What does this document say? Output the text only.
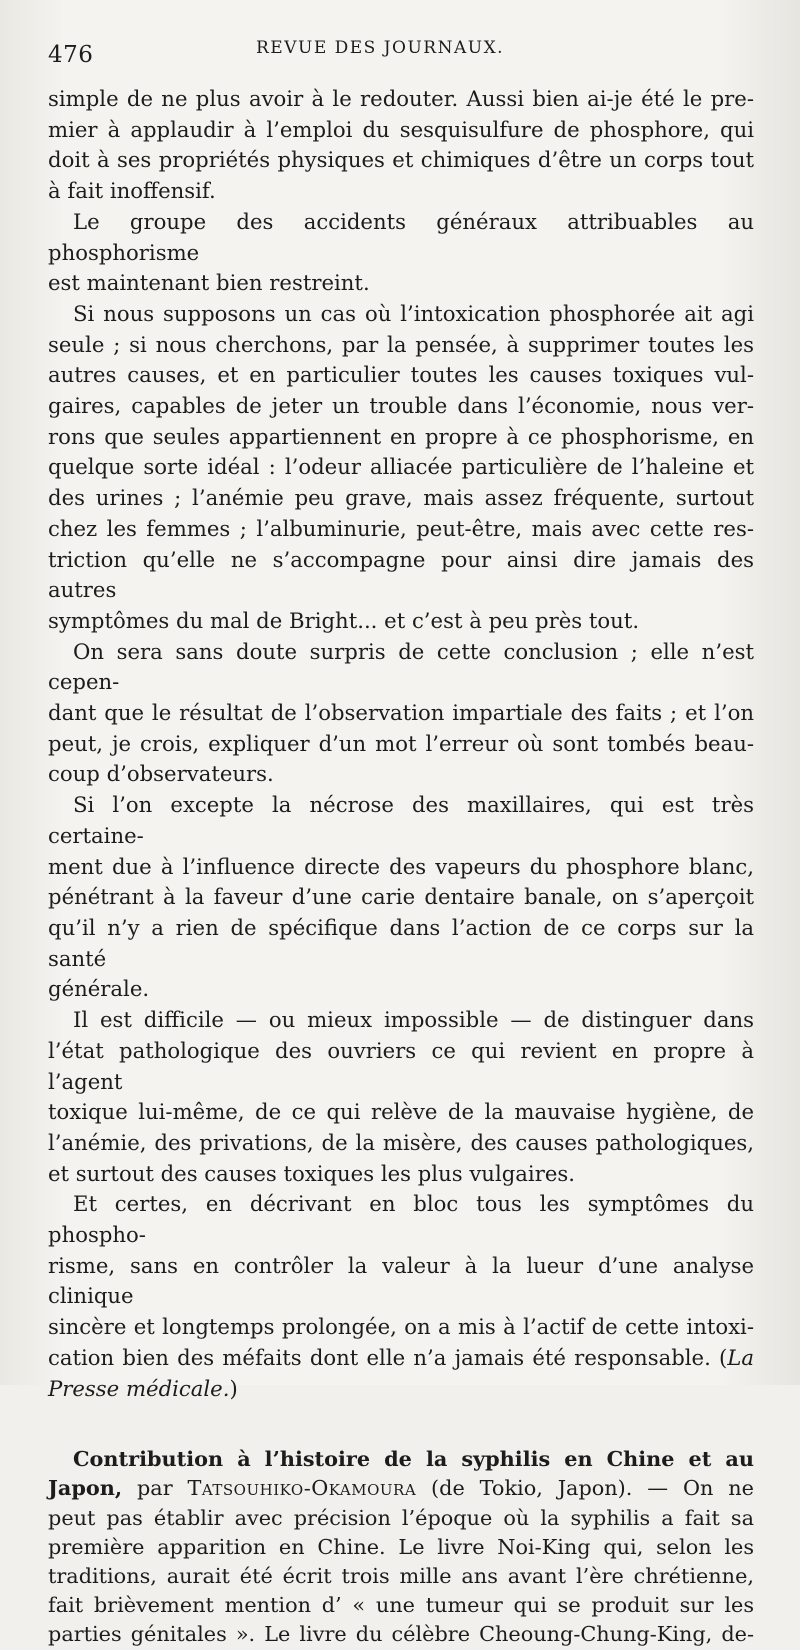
476	REVUE DES JOURNAUX.

simple de ne plus avoir à le redouter. Aussi bien ai-je été le pre-
mier à applaudir à l’emploi du sesquisulfure de phosphore, qui
doit à ses propriétés physiques et chimiques d’être un corps tout
à fait inoffensif.

Le groupe des accidents généraux attribuables au phosphorisme
est maintenant bien restreint.

Si nous supposons un cas où l’intoxication phosphorée ait agi
seule ; si nous cherchons, par la pensée, à supprimer toutes les
autres causes, et en particulier toutes les causes toxiques vul-
gaires, capables de jeter un trouble dans l’économie, nous ver-
rons que seules appartiennent en propre à ce phosphorisme, en
quelque sorte idéal : l’odeur alliacée particulière de l’haleine et
des urines ; l’anémie peu grave, mais assez fréquente, surtout
chez les femmes ; l’albuminurie, peut-être, mais avec cette res-
triction qu’elle ne s’accompagne pour ainsi dire jamais des autres
symptômes du mal de Bright... et c’est à peu près tout.

On sera sans doute surpris de cette conclusion ; elle n’est cepen-
dant que le résultat de l’observation impartiale des faits ; et l’on
peut, je crois, expliquer d’un mot l’erreur où sont tombés beau-
coup d’observateurs.

Si l’on excepte la nécrose des maxillaires, qui est très certaine-
ment due à l’influence directe des vapeurs du phosphore blanc,
pénétrant à la faveur d’une carie dentaire banale, on s’aperçoit
qu’il n’y a rien de spécifique dans l’action de ce corps sur la santé
générale.

Il est difficile — ou mieux impossible — de distinguer dans
l’état pathologique des ouvriers ce qui revient en propre à l’agent
toxique lui-même, de ce qui relève de la mauvaise hygiène, de
l’anémie, des privations, de la misère, des causes pathologiques,
et surtout des causes toxiques les plus vulgaires.

Et certes, en décrivant en bloc tous les symptômes du phospho-
risme, sans en contrôler la valeur à la lueur d’une analyse clinique
sincère et longtemps prolongée, on a mis à l’actif de cette intoxi-
cation bien des méfaits dont elle n’a jamais été responsable. (La
Presse médicale.)

Contribution à l’histoire de la syphilis en Chine et au
Japon, par Tatsouhiko-Okamoura (de Tokio, Japon). — On ne
peut pas établir avec précision l’époque où la syphilis a fait sa
première apparition en Chine. Le livre Noi-King qui, selon les
traditions, aurait été écrit trois mille ans avant l’ère chrétienne,
fait brièvement mention d’ « une tumeur qui se produit sur les
parties génitales ». Le livre du célèbre Cheoung-Chung-King, de-
